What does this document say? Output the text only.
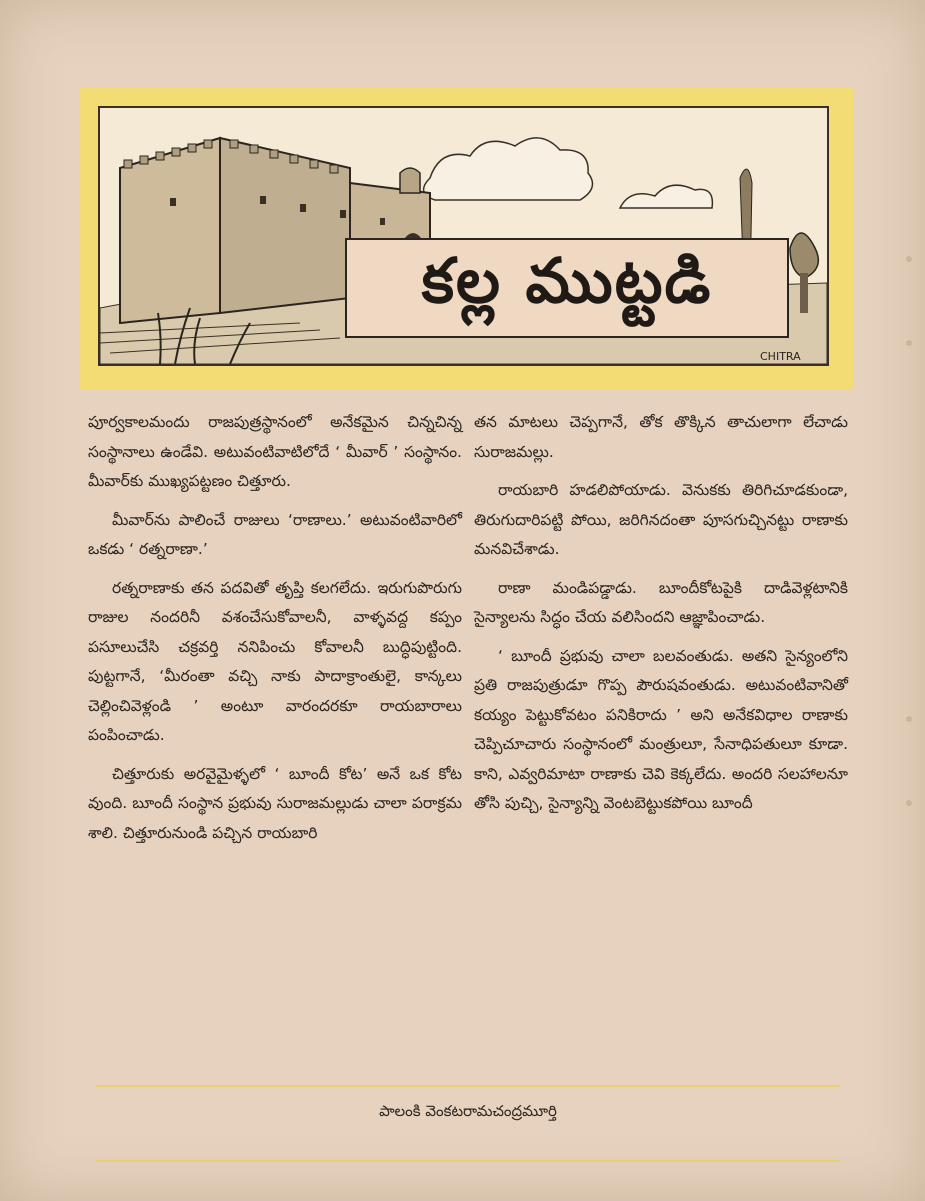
CHITRA
కల్ల ముట్టడి

పూర్వకాలమందు రాజపుత్రస్థానంలో అనేకమైన చిన్నచిన్న సంస్థానాలు ఉండేవి. అటువంటివాటిలోదే ‘ మీవార్ ’ సంస్థానం. మీవార్‌కు ముఖ్యపట్టణం చిత్తూరు.

మీవార్‌ను పాలించే రాజులు ‘రాణాలు.’ అటువంటివారిలో ఒకడు ‘ రత్నరాణా.’

రత్నరాణాకు తన పదవితో తృప్తి కలగలేదు. ఇరుగుపొరుగు రాజుల నందరినీ వశంచేసుకోవాలనీ, వాళ్ళవద్ద కప్పం పసూలుచేసి చక్రవర్తి ననిపించు కోవాలనీ బుద్ధిపుట్టింది. పుట్టగానే, ‘మీరంతా వచ్చి నాకు పాదాక్రాంతులై, కాన్కలు చెల్లించివెళ్లండి ’ అంటూ వారందరకూ రాయబారాలు పంపించాడు.

చిత్తూరుకు అరవైమైళ్ళలో ‘ బూందీ కోట’ అనే ఒక కోట వుంది. బూందీ సంస్థాన ప్రభువు సురాజమల్లుడు చాలా పరాక్రమ శాలి. చిత్తూరునుండి పచ్చిన రాయబారి

తన మాటలు చెప్పగానే, తోక తొక్కిన తాచులాగా లేచాడు సురాజమల్లు.

రాయబారి హడలిపోయాడు. వెనుకకు తిరిగిచూడకుండా, తిరుగుదారిపట్టి పోయి, జరిగినదంతా పూసగుచ్చినట్టు రాణాకు మనవిచేశాడు.

రాణా మండిపడ్డాడు. బూందీకోటపైకి దాడివెళ్లటానికి సైన్యాలను సిద్ధం చేయ వలిసిందని ఆజ్ఞాపించాడు.

‘ బూందీ ప్రభువు చాలా బలవంతుడు. అతని సైన్యంలోని ప్రతి రాజపుత్రుడూ గొప్ప పౌరుషవంతుడు. అటువంటివానితో కయ్యం పెట్టుకోవటం పనికిరాదు ’ అని అనేకవిధాల రాణాకు చెప్పిచూచారు సంస్థానంలో మంత్రులూ, సేనాధిపతులూ కూడా. కాని, ఎవ్వరిమాటా రాణాకు చెవి కెక్కలేదు. అందరి సలహాలనూ తోసి పుచ్చి, సైన్యాన్ని వెంటబెట్టుకపోయి బూందీ

పాలంకి వెంకటరామచంద్రమూర్తి
